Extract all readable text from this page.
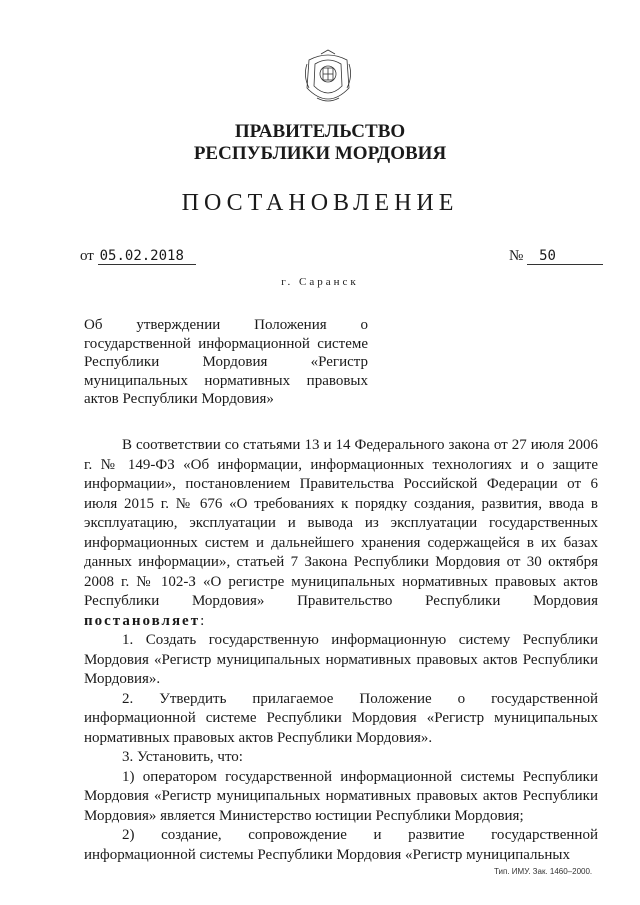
ПРАВИТЕЛЬСТВО
РЕСПУБЛИКИ МОРДОВИЯ
ПОСТАНОВЛЕНИЕ
от 05.02.2018	№ 50
г. Саранск
Об утверждении Положения о государственной информационной системе Республики Мордовия «Регистр муниципальных нормативных правовых актов Республики Мордовия»

В соответствии со статьями 13 и 14 Федерального закона от 27 июля 2006 г. № 149-ФЗ «Об информации, информационных технологиях и о защите информации», постановлением Правительства Российской Федерации от 6 июля 2015 г. № 676 «О требованиях к порядку создания, развития, ввода в эксплуатацию, эксплуатации и вывода из эксплуатации государственных информационных систем и дальнейшего хранения содержащейся в их базах данных информации», статьей 7 Закона Республики Мордовия от 30 октября 2008 г. № 102-З «О регистре муниципальных нормативных правовых актов Республики Мордовия» Правительство Республики Мордовия постановляет:

1. Создать государственную информационную систему Республики Мордовия «Регистр муниципальных нормативных правовых актов Республики Мордовия».

2. Утвердить прилагаемое Положение о государственной информационной системе Республики Мордовия «Регистр муниципальных нормативных правовых актов Республики Мордовия».

3. Установить, что:

1) оператором государственной информационной системы Республики Мордовия «Регистр муниципальных нормативных правовых актов Республики Мордовия» является Министерство юстиции Республики Мордовия;

2) создание, сопровождение и развитие государственной информационной системы Республики Мордовия «Регистр муниципальных

Тип. ИМУ. Зак. 1460–2000.
